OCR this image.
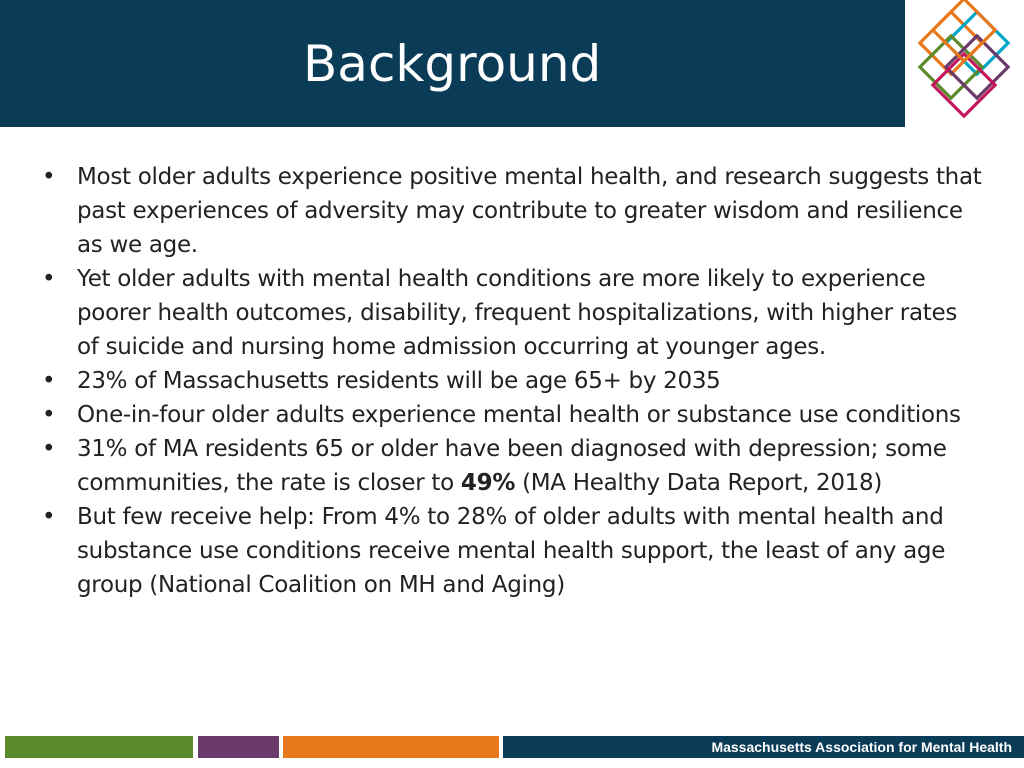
Background
• Most older adults experience positive mental health, and research suggests that past experiences of adversity may contribute to greater wisdom and resilience as we age.
• Yet older adults with mental health conditions are more likely to experience poorer health outcomes, disability, frequent hospitalizations, with higher rates of suicide and nursing home admission occurring at younger ages.
• 23% of Massachusetts residents will be age 65+ by 2035
• One-in-four older adults experience mental health or substance use conditions
• 31% of MA residents 65 or older have been diagnosed with depression; some communities, the rate is closer to 49% (MA Healthy Data Report, 2018)
• But few receive help: From 4% to 28% of older adults with mental health and substance use conditions receive mental health support, the least of any age group (National Coalition on MH and Aging)
Massachusetts Association for Mental Health
